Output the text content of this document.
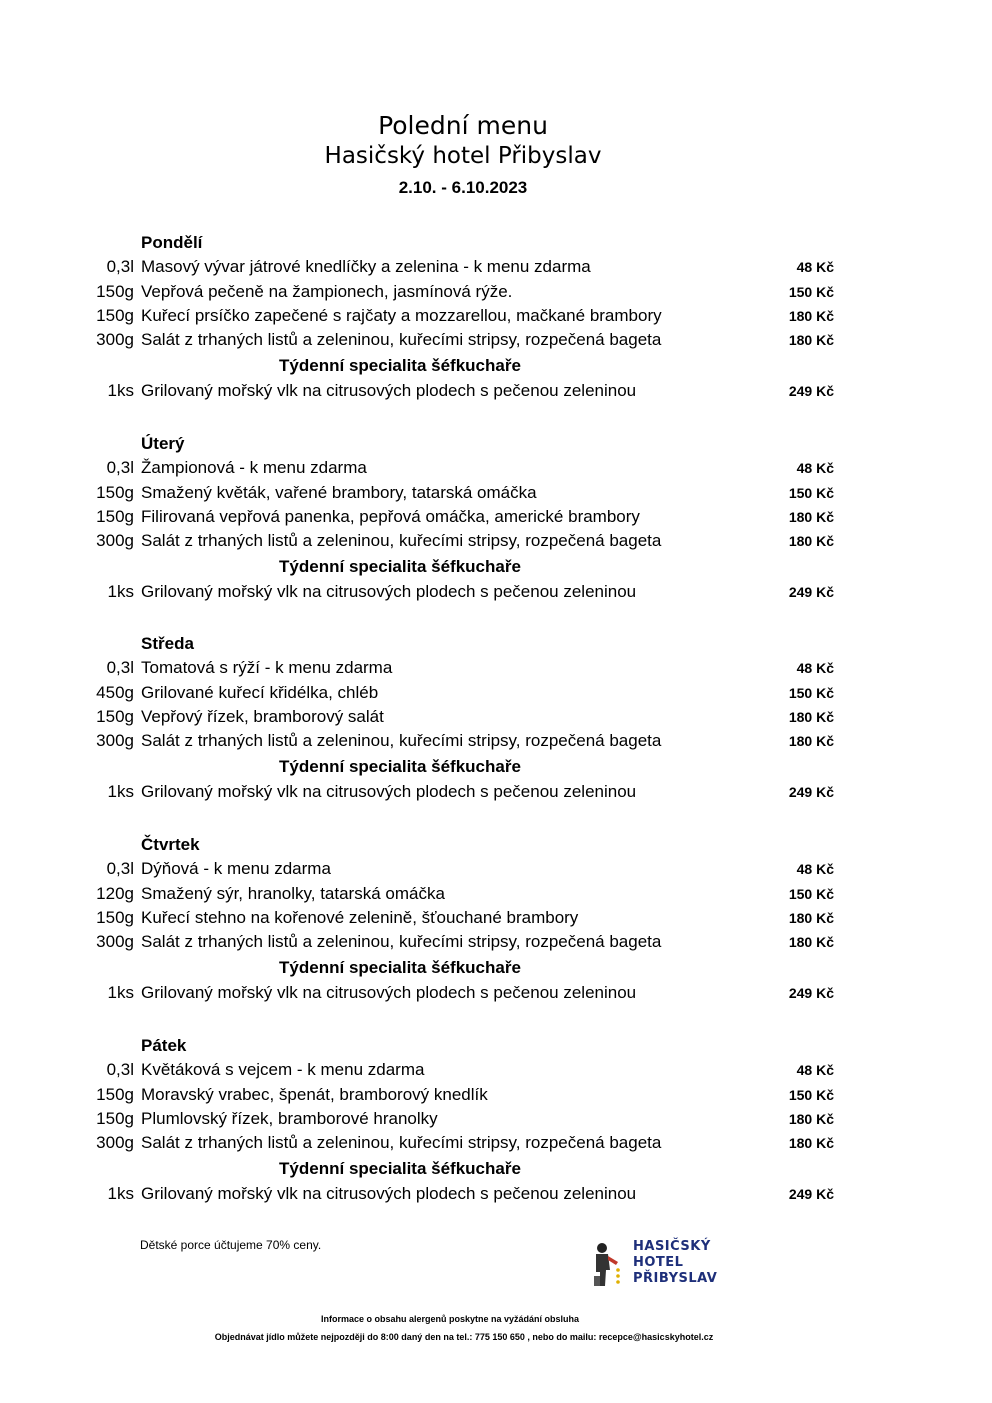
Polední menu
Hasičský hotel Přibyslav
2.10. - 6.10.2023
Pondělí
0,3l Masový vývar játrové knedlíčky a zelenina - k menu zdarma	48 Kč
150g Vepřová pečeně na žampionech, jasmínová rýže.	150 Kč
150g Kuřecí prsíčko zapečené s rajčaty a mozzarellou, mačkané brambory	180 Kč
300g Salát z trhaných listů a zeleninou, kuřecími stripsy, rozpečená bageta	180 Kč
Týdenní specialita šéfkuchaře
1ks Grilovaný mořský vlk na citrusových plodech s pečenou zeleninou	249 Kč
Úterý
0,3l Žampionová - k menu zdarma	48 Kč
150g Smažený květák, vařené brambory, tatarská omáčka	150 Kč
150g Filirovaná vepřová panenka, pepřová omáčka, americké brambory	180 Kč
300g Salát z trhaných listů a zeleninou, kuřecími stripsy, rozpečená bageta	180 Kč
Týdenní specialita šéfkuchaře
1ks Grilovaný mořský vlk na citrusových plodech s pečenou zeleninou	249 Kč
Středa
0,3l Tomatová s rýží - k menu zdarma	48 Kč
450g Grilované kuřecí křidélka, chléb	150 Kč
150g Vepřový řízek, bramborový salát	180 Kč
300g Salát z trhaných listů a zeleninou, kuřecími stripsy, rozpečená bageta	180 Kč
Týdenní specialita šéfkuchaře
1ks Grilovaný mořský vlk na citrusových plodech s pečenou zeleninou	249 Kč
Čtvrtek
0,3l Dýňová - k menu zdarma	48 Kč
120g Smažený sýr, hranolky, tatarská omáčka	150 Kč
150g Kuřecí stehno na kořenové zelenině, šťouchané brambory	180 Kč
300g Salát z trhaných listů a zeleninou, kuřecími stripsy, rozpečená bageta	180 Kč
Týdenní specialita šéfkuchaře
1ks Grilovaný mořský vlk na citrusových plodech s pečenou zeleninou	249 Kč
Pátek
0,3l Květáková s vejcem - k menu zdarma	48 Kč
150g Moravský vrabec, špenát, bramborový knedlík	150 Kč
150g Plumlovský řízek, bramborové hranolky	180 Kč
300g Salát z trhaných listů a zeleninou, kuřecími stripsy, rozpečená bageta	180 Kč
Týdenní specialita šéfkuchaře
1ks Grilovaný mořský vlk na citrusových plodech s pečenou zeleninou	249 Kč
Dětské porce účtujeme 70% ceny.	HASIČSKÝ
HOTEL
PŘIBYSLAV
Informace o obsahu alergenů poskytne na vyžádání obsluha
Objednávat jídlo můžete nejpozději do 8:00 daný den na tel.: 775 150 650 , nebo do mailu: recepce@hasicskyhotel.cz
